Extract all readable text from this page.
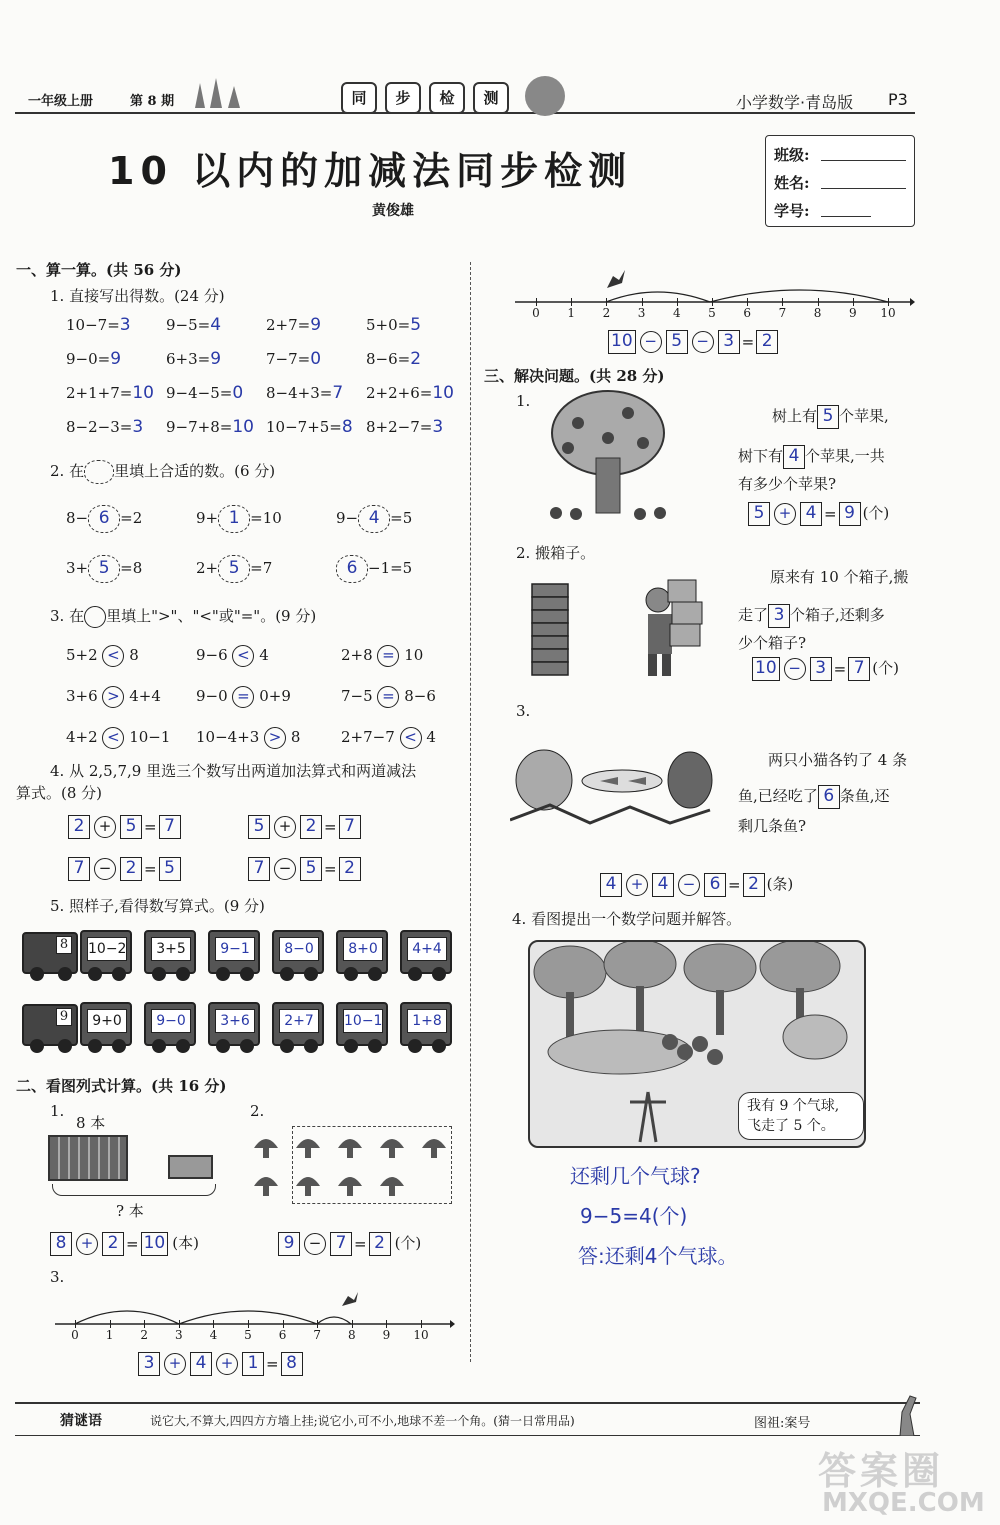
一年级上册	第 8 期	同	步	检	测	小学数学·青岛版 P3
10 以内的加减法同步检测
黄俊雄
班级:
姓名:
学号:
一、算一算。(共 56 分)
1. 直接写出得数。(24 分)
10−7=3	9−5=4	2+7=9	5+0=5
9−0=9	6+3=9	7−7=0	8−6=2
2+1+7=10 9−4−5=0	8−4+3=7	2+2+6=10
8−2−3=3	9−7+8=10 10−7+5=8 8+2−7=3
2. 在 里填上合适的数。(6 分)
8− 6 =2	9+ 1 =10	9− 4 =5
3+ 5 =8	2+ 5 =7	6 −1=5
3. 在 里填上">"、"<"或"="。(9 分)
5+2 < 8	9−6 < 4	2+8 = 10
3+6 > 4+4	9−0 = 0+9	7−5 = 8−6
4+2 < 10−1	10−4+3 > 8	2+7−7 < 4
4. 从 2,5,7,9 里选三个数写出两道加法算式和两道减法
算式。(8 分)
2 + 5 = 7	5 + 2 = 7
7 − 2 = 5	7 − 5 = 2
5. 照样子,看得数写算式。(9 分)
8 10−2	3+5	9−1	8−0	8+0	4+4
9	9+0	9−0	3+6	2+7	10−1	1+8
二、看图列式计算。(共 16 分)
1.
8 本
? 本
8 + 2 = 10 (本)
2.
9 − 7 = 2 (个)
3.
0	1	2	3	4	5	6	7	8	9	10
3 + 4 + 1 = 8
0	1	2	3	4	5	6	7	8	9	10
10 − 5 − 3 = 2
三、解决问题。(共 28 分)
1.
树上有 5 个苹果,
树下有 4 个苹果,一共
有多少个苹果?
5 + 4 = 9 (个)
2. 搬箱子。
原来有 10 个箱子,搬
走了 3 个箱子,还剩多
少个箱子?
10 − 3 = 7 (个)
3.
两只小猫各钓了 4 条
鱼,已经吃了 6 条鱼,还
剩几条鱼?
4 + 4 − 6 = 2 (条)
4. 看图提出一个数学问题并解答。
我有 9 个气球,
飞走了 5 个。
还剩几个气球?
9−5=4(个)
答:还剩4个气球。
猜谜语	说它大,不算大,四四方方墙上挂;说它小,可不小,地球不差一个角。(猜一日常用品)	图祖:案号
答案圈
MXQE.COM
